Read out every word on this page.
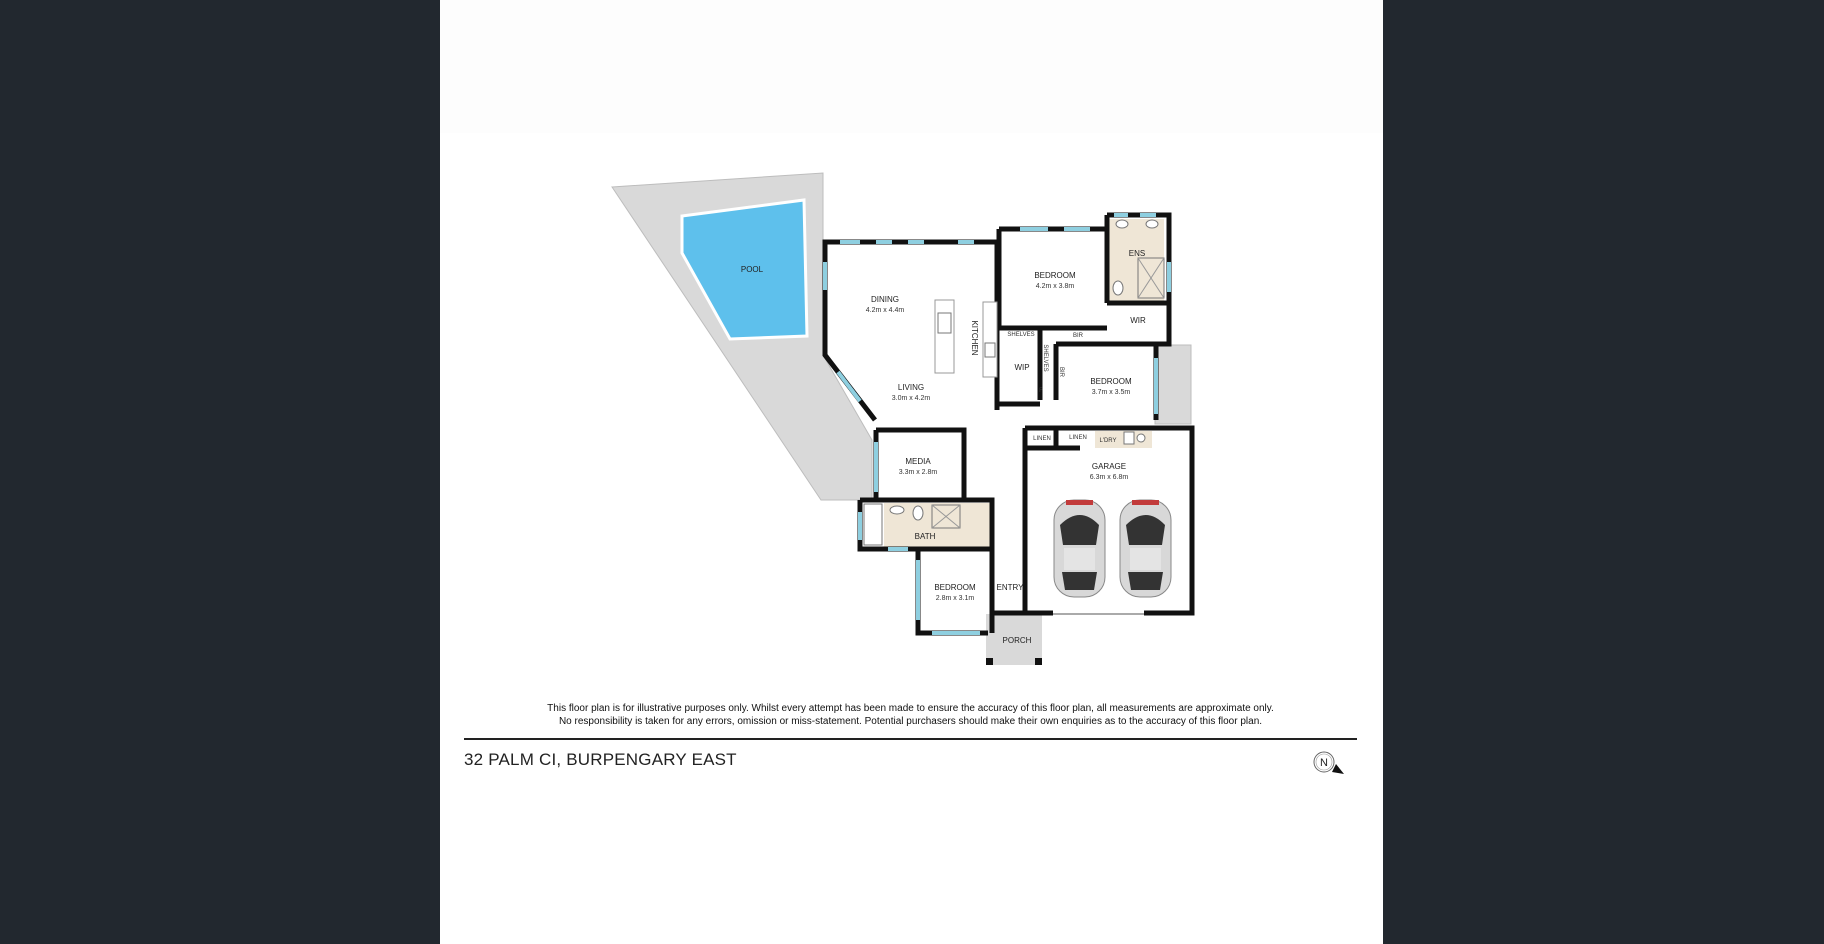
POOL
DINING
4.2m x 4.4m
KITCHEN
LIVING
3.0m x 4.2m
BEDROOM
4.2m x 3.8m
ENS
WIR
BIR
SHELVES
SHELVES
WIP	BIR
F
BEDROOM
3.7m x 3.5m
LINEN	LINEN L'DRY
GARAGE
6.3m x 6.8m
MEDIA
3.3m x 2.8m
BATH
BEDROOM
2.8m x 3.1m
ENTRY
PORCH
This floor plan is for illustrative purposes only. Whilst every attempt has been made to ensure the accuracy of this floor plan, all measurements are approximate only.
No responsibility is taken for any errors, omission or miss-statement. Potential purchasers should make their own enquiries as to the accuracy of this floor plan.
32 PALM CI, BURPENGARY EAST	N
